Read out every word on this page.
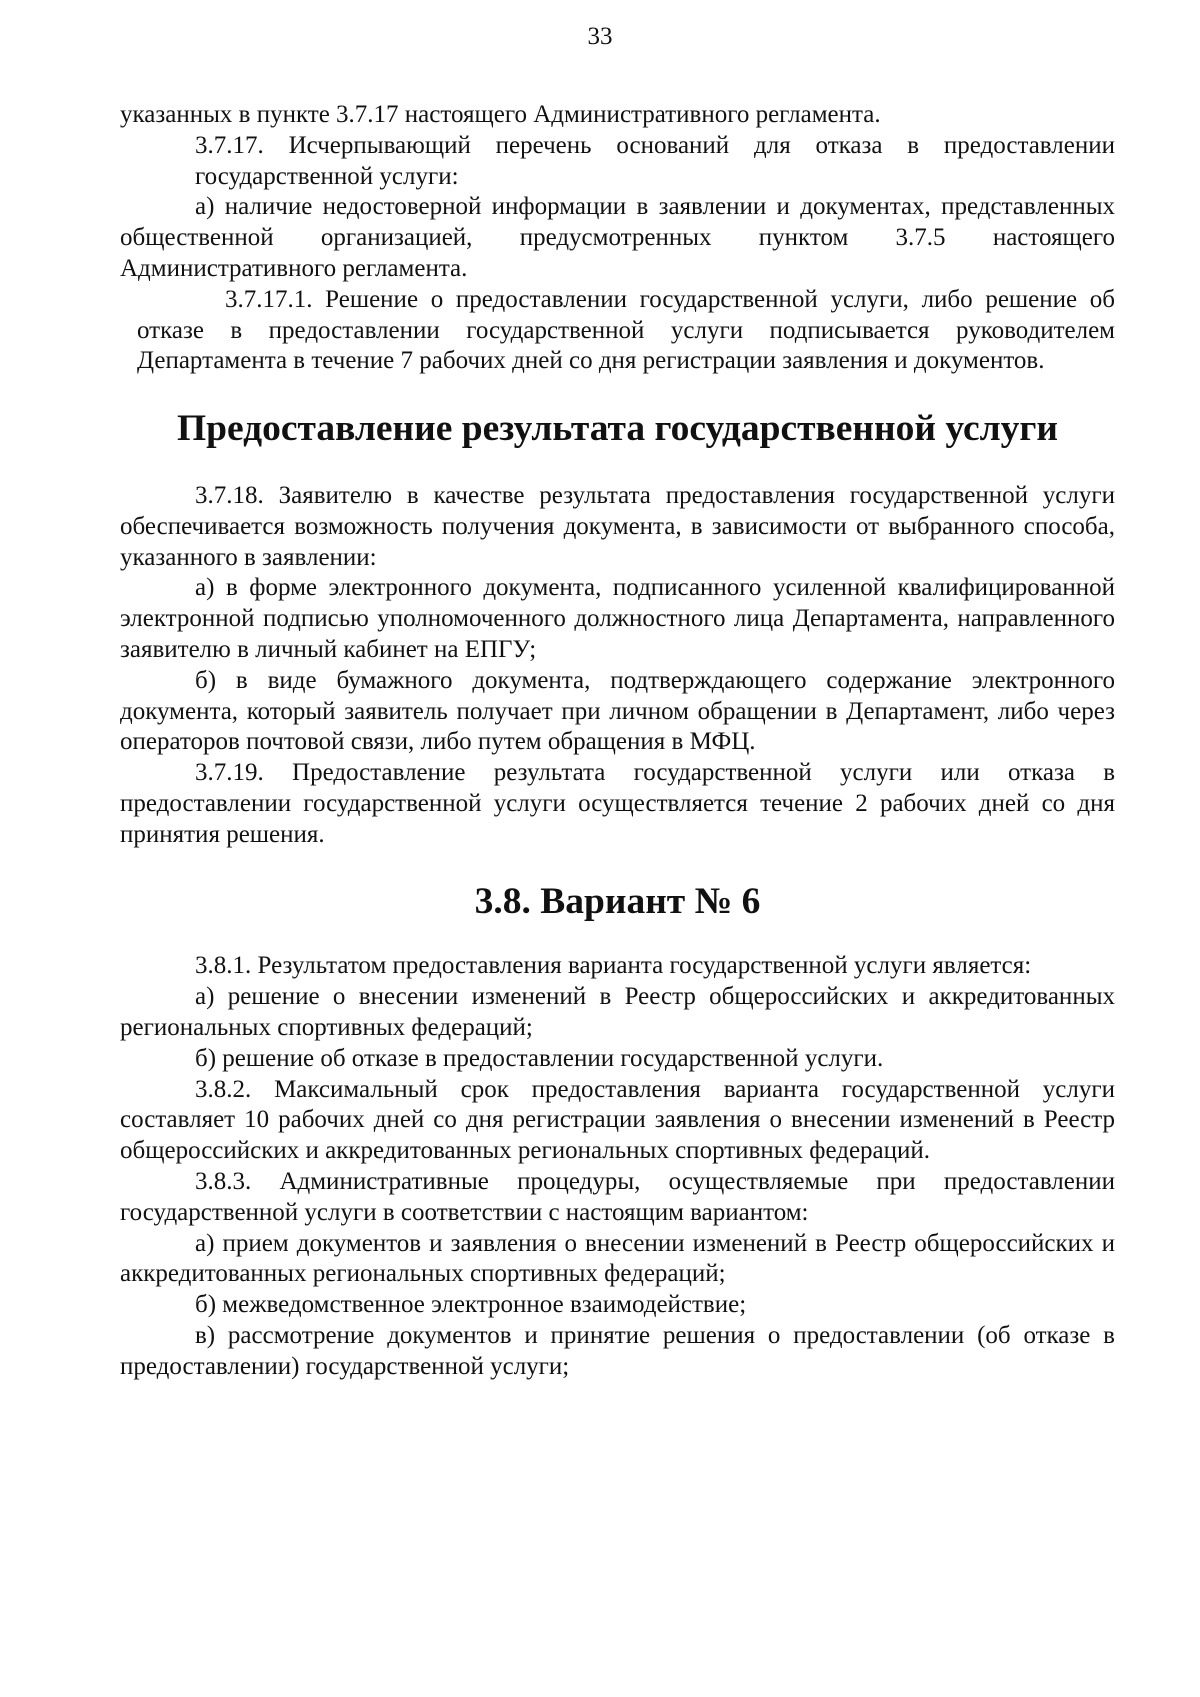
33

указанных в пункте 3.7.17 настоящего Административного регламента.

3.7.17. Исчерпывающий перечень оснований для отказа в предоставлении государственной услуги:

а) наличие недостоверной информации в заявлении и документах, представленных общественной организацией, предусмотренных пунктом 3.7.5 настоящего Административного регламента.

3.7.17.1. Решение о предоставлении государственной услуги, либо решение об отказе в предоставлении государственной услуги подписывается руководителем Департамента в течение 7 рабочих дней со дня регистрации заявления и документов.

Предоставление результата государственной услуги

3.7.18. Заявителю в качестве результата предоставления государственной услуги обеспечивается возможность получения документа, в зависимости от выбранного способа, указанного в заявлении:

а) в форме электронного документа, подписанного усиленной квалифицированной электронной подписью уполномоченного должностного лица Департамента, направленного заявителю в личный кабинет на ЕПГУ;

б) в виде бумажного документа, подтверждающего содержание электронного документа, который заявитель получает при личном обращении в Департамент, либо через операторов почтовой связи, либо путем обращения в МФЦ.

3.7.19. Предоставление результата государственной услуги или отказа в предоставлении государственной услуги осуществляется течение 2 рабочих дней со дня принятия решения.

3.8. Вариант № 6

3.8.1. Результатом предоставления варианта государственной услуги является:

а) решение о внесении изменений в Реестр общероссийских и аккредитованных региональных спортивных федераций;

б) решение об отказе в предоставлении государственной услуги.

3.8.2. Максимальный срок предоставления варианта государственной услуги составляет 10 рабочих дней со дня регистрации заявления о внесении изменений в Реестр общероссийских и аккредитованных региональных спортивных федераций.

3.8.3. Административные процедуры, осуществляемые при предоставлении государственной услуги в соответствии с настоящим вариантом:

а) прием документов и заявления о внесении изменений в Реестр общероссийских и аккредитованных региональных спортивных федераций;

б) межведомственное электронное взаимодействие;

в) рассмотрение документов и принятие решения о предоставлении (об отказе в предоставлении) государственной услуги;
